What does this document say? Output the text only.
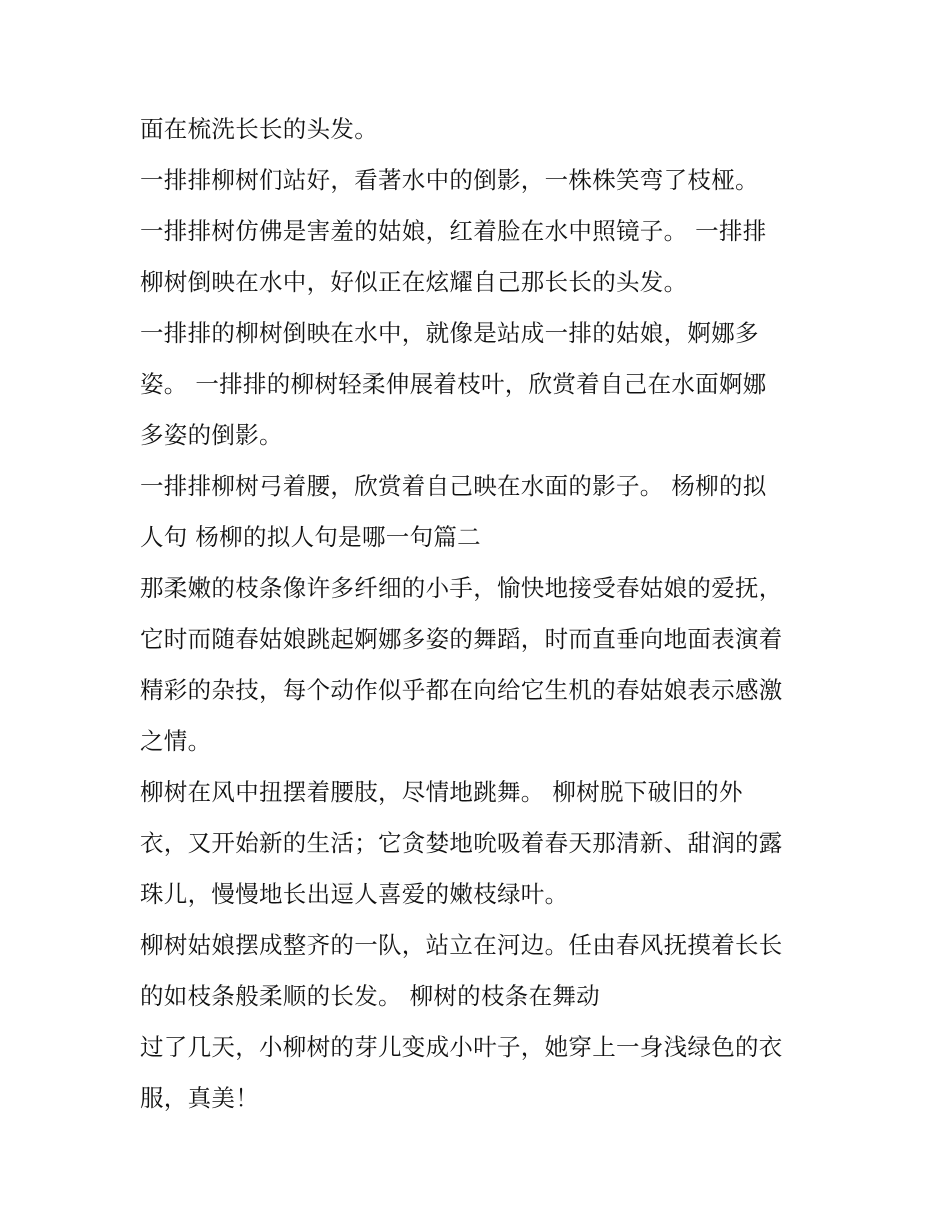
面在梳洗长长的头发。
一排排柳树们站好，看著水中的倒影，一株株笑弯了枝桠。
一排排树仿佛是害羞的姑娘，红着脸在水中照镜子。 一排排
柳树倒映在水中，好似正在炫耀自己那长长的头发。
一排排的柳树倒映在水中，就像是站成一排的姑娘，婀娜多
姿。 一排排的柳树轻柔伸展着枝叶，欣赏着自己在水面婀娜
多姿的倒影。
一排排柳树弓着腰，欣赏着自己映在水面的影子。 杨柳的拟
人句 杨柳的拟人句是哪一句篇二
那柔嫩的枝条像许多纤细的小手，愉快地接受春姑娘的爱抚，
它时而随春姑娘跳起婀娜多姿的舞蹈，时而直垂向地面表演着
精彩的杂技，每个动作似乎都在向给它生机的春姑娘表示感激
之情。
柳树在风中扭摆着腰肢，尽情地跳舞。 柳树脱下破旧的外
衣，又开始新的生活；它贪婪地吮吸着春天那清新、甜润的露
珠儿，慢慢地长出逗人喜爱的嫩枝绿叶。
柳树姑娘摆成整齐的一队，站立在河边。任由春风抚摸着长长
的如枝条般柔顺的长发。 柳树的枝条在舞动
过了几天，小柳树的芽儿变成小叶子，她穿上一身浅绿色的衣
服，真美！
